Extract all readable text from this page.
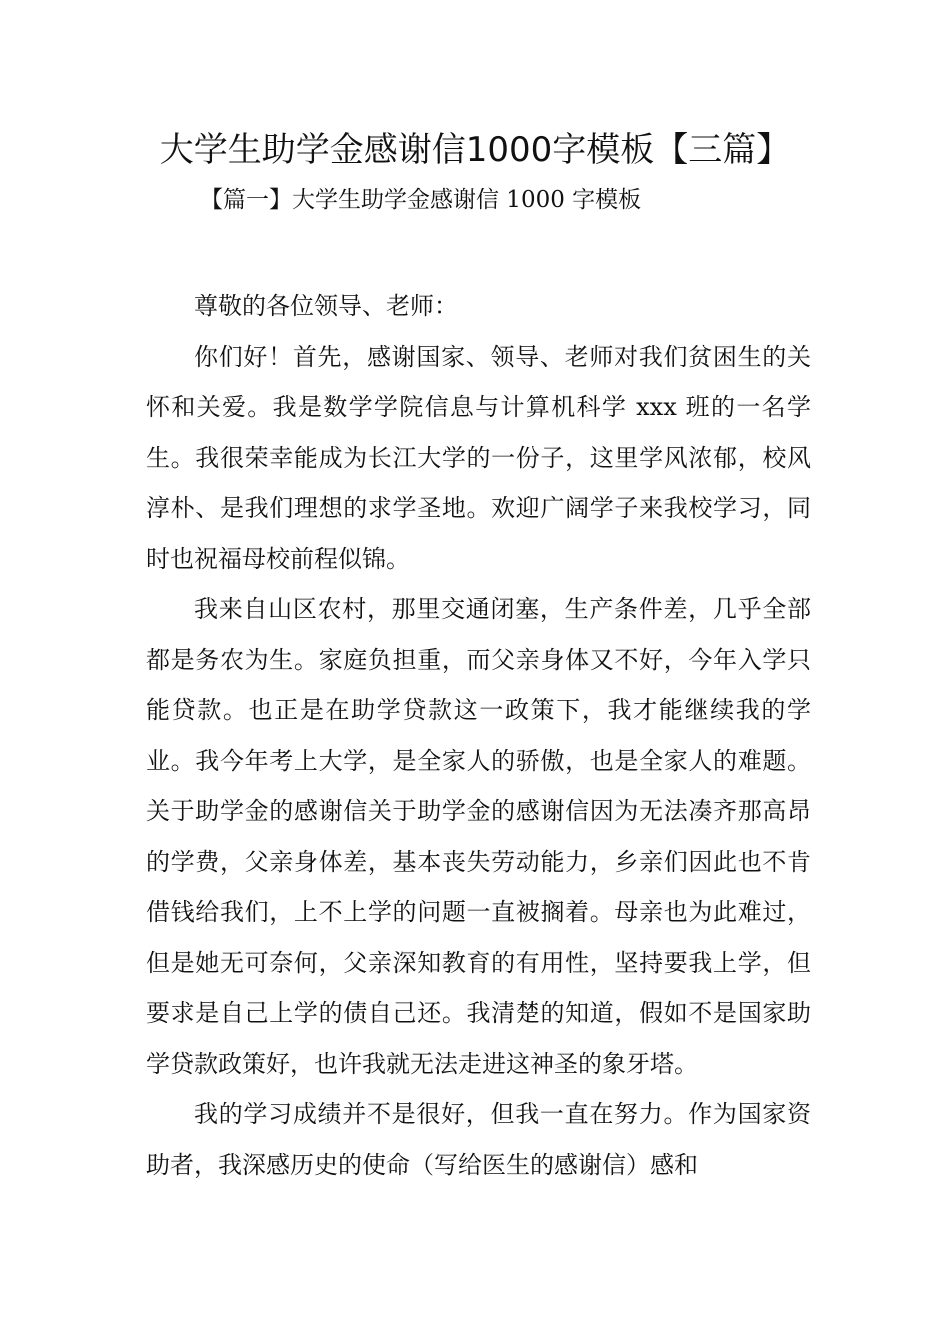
大学生助学金感谢信1000字模板【三篇】
【篇一】大学生助学金感谢信 1000 字模板

尊敬的各位领导、老师：

你们好！首先，感谢国家、领导、老师对我们贫困生的关怀和关爱。我是数学学院信息与计算机科学 xxx 班的一名学生。我很荣幸能成为长江大学的一份子，这里学风浓郁，校风淳朴、是我们理想的求学圣地。欢迎广阔学子来我校学习，同时也祝福母校前程似锦。

我来自山区农村，那里交通闭塞，生产条件差，几乎全部都是务农为生。家庭负担重，而父亲身体又不好，今年入学只能贷款。也正是在助学贷款这一政策下，我才能继续我的学业。我今年考上大学，是全家人的骄傲，也是全家人的难题。关于助学金的感谢信关于助学金的感谢信因为无法凑齐那高昂的学费，父亲身体差，基本丧失劳动能力，乡亲们因此也不肯借钱给我们，上不上学的问题一直被搁着。母亲也为此难过，但是她无可奈何，父亲深知教育的有用性，坚持要我上学，但要求是自己上学的债自己还。我清楚的知道，假如不是国家助学贷款政策好，也许我就无法走进这神圣的象牙塔。

我的学习成绩并不是很好，但我一直在努力。作为国家资助者，我深感历史的使命（写给医生的感谢信）感和
